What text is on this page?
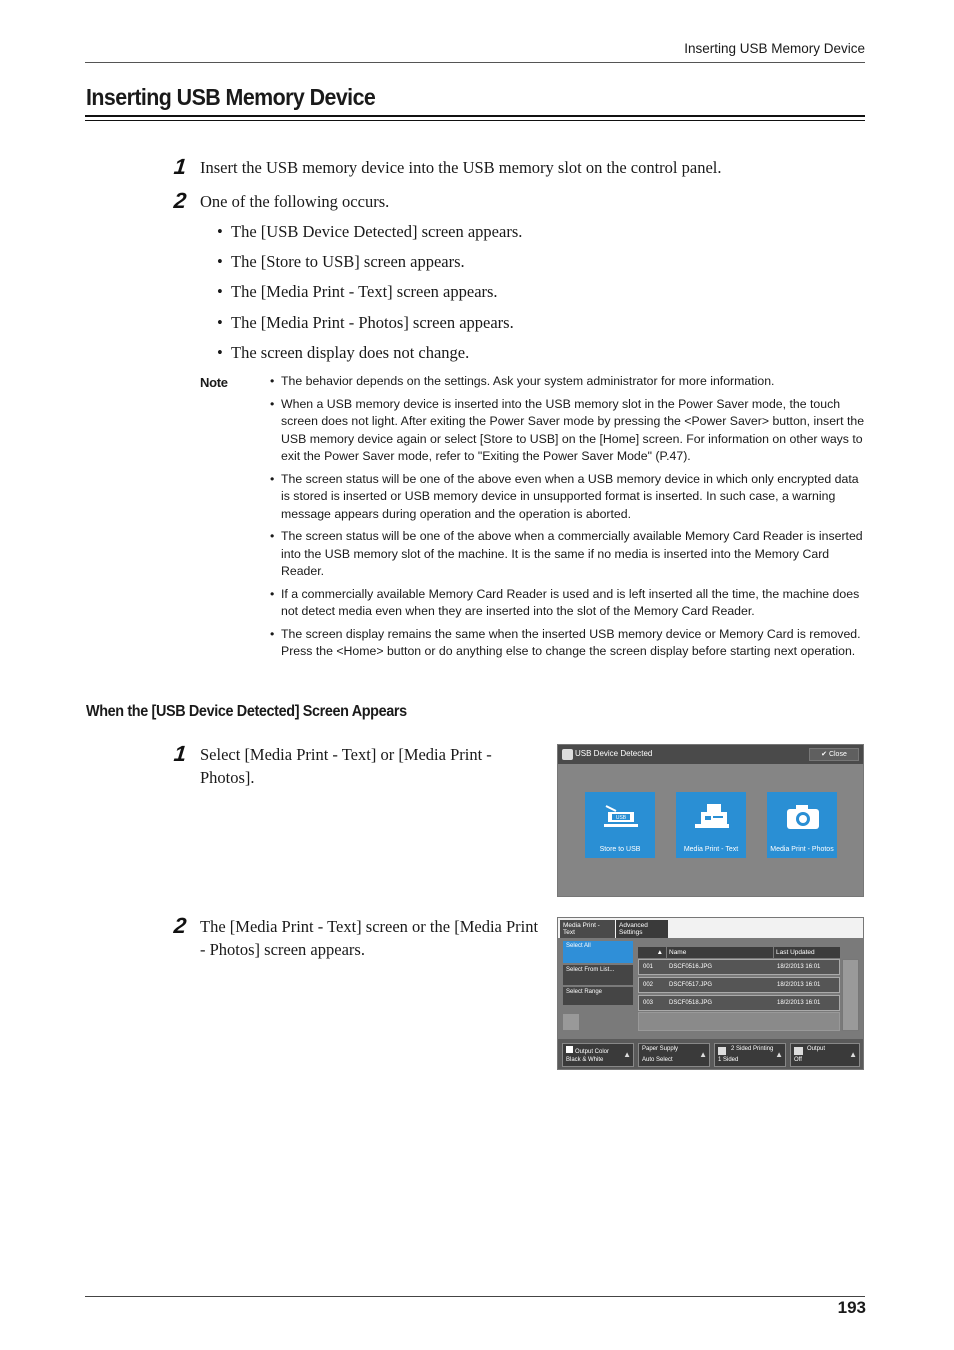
Inserting USB Memory Device
Inserting USB Memory Device
1 Insert the USB memory device into the USB memory slot on the control panel.
2 One of the following occurs.
• The [USB Device Detected] screen appears.
• The [Store to USB] screen appears.
• The [Media Print - Text] screen appears.
• The [Media Print - Photos] screen appears.
• The screen display does not change.
Note
•	The behavior depends on the settings. Ask your system administrator for more information.
• When a USB memory device is inserted into the USB memory slot in the Power Saver mode, the touch screen does not light. After exiting the Power Saver mode by pressing the <Power Saver> button, insert the USB memory device again or select [Store to USB] on the [Home] screen. For information on other ways to exit the Power Saver mode, refer to "Exiting the Power Saver Mode" (P.47).
• The screen status will be one of the above even when a USB memory device in which only encrypted data is stored is inserted or USB memory device in unsupported format is inserted. In such case, a warning message appears during operation and the operation is aborted.
• The screen status will be one of the above when a commercially available Memory Card Reader is inserted into the USB memory slot of the machine. It is the same if no media is inserted into the Memory Card Reader.
• If a commercially available Memory Card Reader is used and is left inserted all the time, the machine does not detect media even when they are inserted into the slot of the Memory Card Reader.
• The screen display remains the same when the inserted USB memory device or Memory Card is removed. Press the <Home> button or do anything else to change the screen display before starting next operation.
When the [USB Device Detected] Screen Appears
1 Select [Media Print - Text] or [Media Print - Photos].
2 The [Media Print - Text] screen or the [Media Print - Photos] screen appears.
USB Device Detected	✔ Close
USB
Store to USB	Media Print - Text	Media Print - Photos
Media Print - Text
Advanced Settings
Select All
Select From List...
Select Range
▲ Name	Last Updated
001	DSCF0516.JPG	18/2/2013 16:01
002	DSCF0517.JPG	18/2/2013 16:01
003	DSCF0518.JPG	18/2/2013 16:01
Output Color
Black & White
▲
Paper Supply
Auto Select
▲
2 Sided Printing
1 Sided
▲
Output
Off
▲
193
